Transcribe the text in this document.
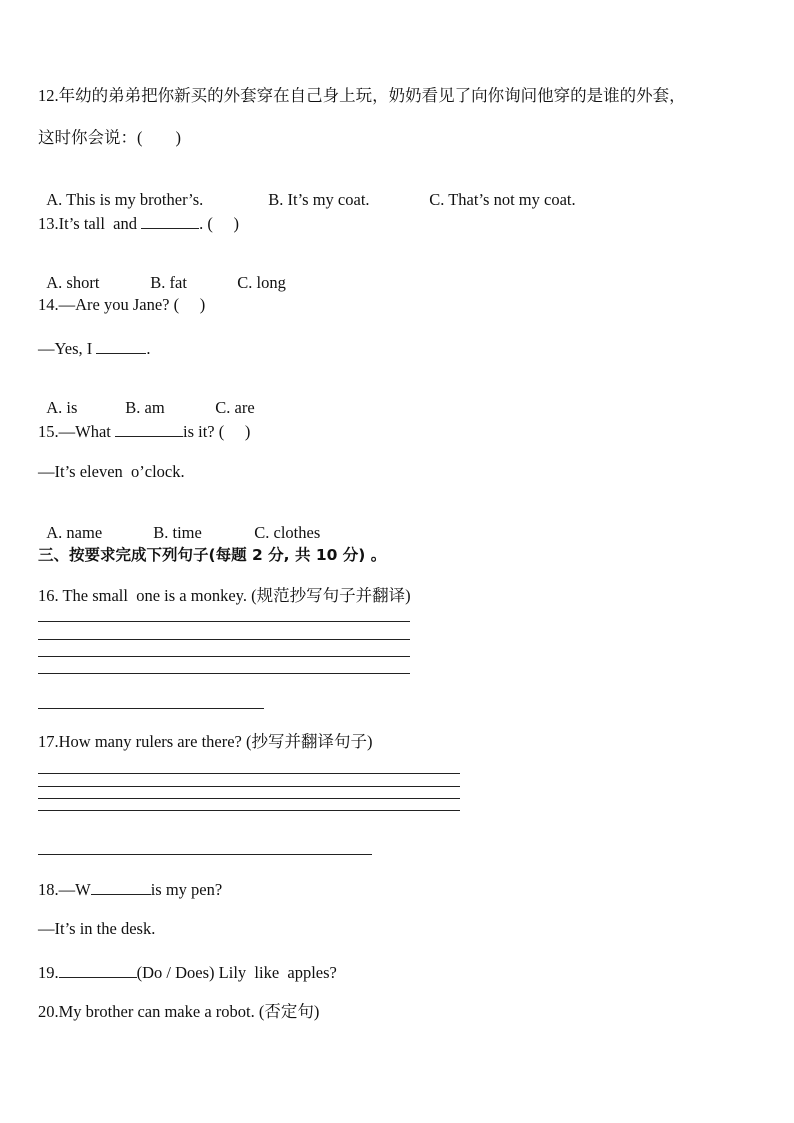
12.年幼的弟弟把你新买的外套穿在自己身上玩，奶奶看见了向你询问他穿的是谁的外套，
这时你会说：(　　)

A. This is my brother’s.	B. It’s my coat.	C. That’s not my coat.

13.It’s tall  and	. (　 )

A. short	B. fat	C. long

14.—Are you Jane? (　 )
—Yes, I	.

A. is	B. am	C. are

15.—What	is it? (　 )
—It’s eleven  o’clock.

A. name	B. time	C. clothes

三、按要求完成下列句子(每题 2 分, 共 10 分) 。
16. The small  one is a monkey. (规范抄写句子并翻译)
17.How many rulers are there? (抄写并翻译句子)
18.—W	is my pen?
—It’s in the desk.
19.	(Do / Does) Lily  like  apples?
20.My brother can make a robot. (否定句)
